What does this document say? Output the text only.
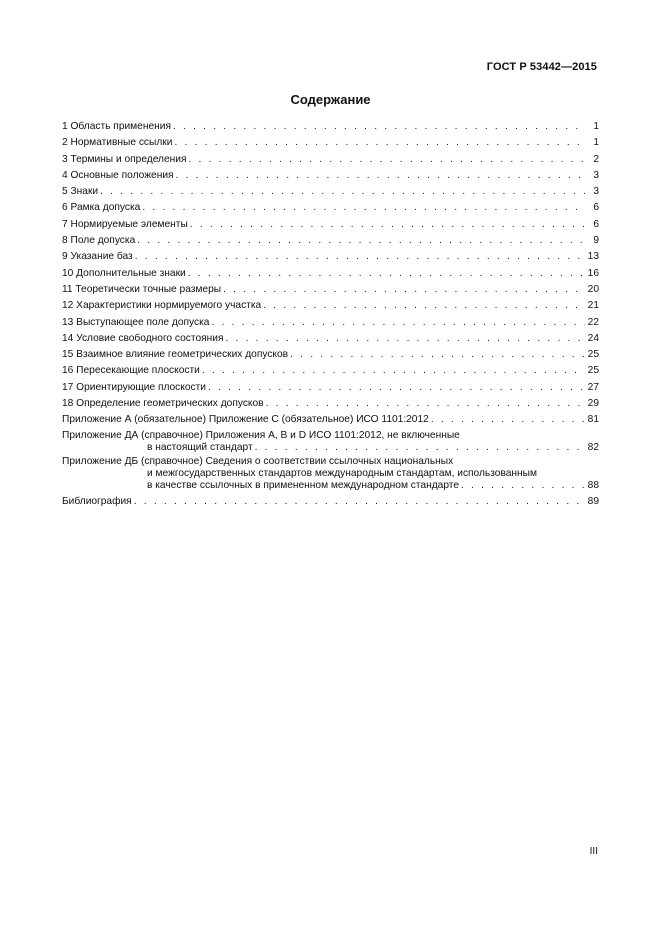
ГОСТ Р 53442—2015
Содержание
1 Область применения . . .	1
2 Нормативные ссылки . . .	1
3 Термины и определения . . .	2
4 Основные положения . . .	3
5 Знаки . . .	3
6 Рамка допуска . . .	6
7 Нормируемые элементы . . .	6
8 Поле допуска . . .	9
9 Указание баз . . .	13
10 Дополнительные знаки . . .	16
11 Теоретически точные размеры . . .	20
12 Характеристики нормируемого участка . . .	21
13 Выступающее поле допуска . . .	22
14 Условие свободного состояния . . .	24
15 Взаимное влияние геометрических допусков . . .	25
16 Пересекающие плоскости . . .	25
17 Ориентирующие плоскости . . .	27
18 Определение геометрических допусков . . .	29
Приложение А (обязательное) Приложение С (обязательное) ИСО 1101:2012 . . .	81
Приложение ДА (справочное) Приложения А, В и D ИСО 1101:2012, не включенные
в настоящий стандарт . . .	82
Приложение ДБ (справочное) Сведения о соответствии ссылочных национальных
и межгосударственных стандартов международным стандартам, использованным
в качестве ссылочных в примененном международном стандарте . . .	88
Библиография . . .	89
III
